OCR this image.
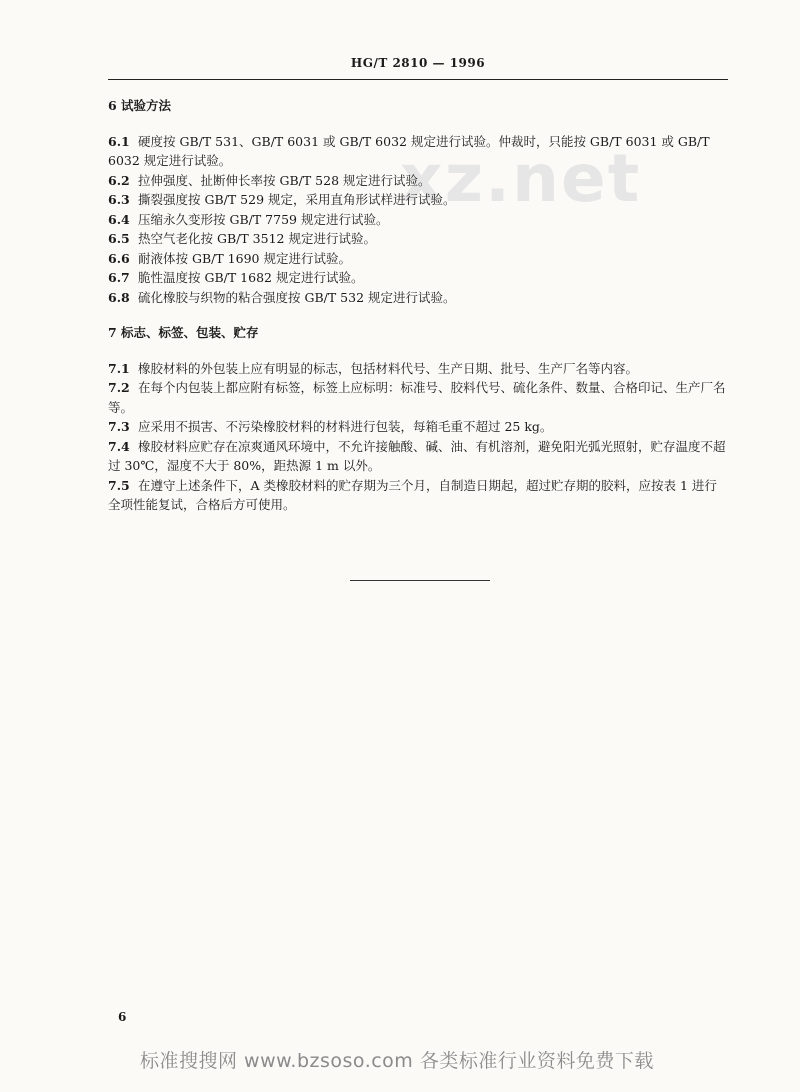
xz.net
HG/T 2810 — 1996

6 试验方法

6.1 硬度按 GB/T 531、GB/T 6031 或 GB/T 6032 规定进行试验。仲裁时，只能按 GB/T 6031 或 GB/T 6032 规定进行试验。

6.2 拉伸强度、扯断伸长率按 GB/T 528 规定进行试验。

6.3 撕裂强度按 GB/T 529 规定，采用直角形试样进行试验。

6.4 压缩永久变形按 GB/T 7759 规定进行试验。

6.5 热空气老化按 GB/T 3512 规定进行试验。

6.6 耐液体按 GB/T 1690 规定进行试验。

6.7 脆性温度按 GB/T 1682 规定进行试验。

6.8 硫化橡胶与织物的粘合强度按 GB/T 532 规定进行试验。

7 标志、标签、包装、贮存

7.1 橡胶材料的外包装上应有明显的标志，包括材料代号、生产日期、批号、生产厂名等内容。

7.2 在每个内包装上都应附有标签，标签上应标明：标准号、胶料代号、硫化条件、数量、合格印记、生产厂名等。

7.3 应采用不损害、不污染橡胶材料的材料进行包装，每箱毛重不超过 25 kg。

7.4 橡胶材料应贮存在凉爽通风环境中，不允许接触酸、碱、油、有机溶剂，避免阳光弧光照射，贮存温度不超过 30℃，湿度不大于 80%，距热源 1 m 以外。

7.5 在遵守上述条件下，A 类橡胶材料的贮存期为三个月，自制造日期起，超过贮存期的胶料，应按表 1 进行全项性能复试，合格后方可使用。

6
标准搜搜网 www.bzsoso.com 各类标准行业资料免费下载
